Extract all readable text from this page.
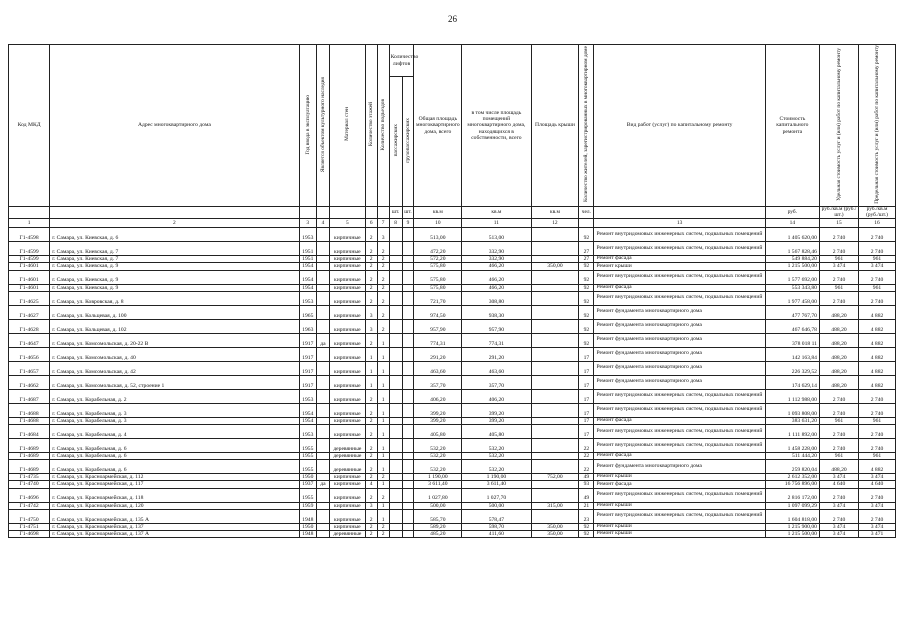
26
Код МКД	Адрес многоквартирного дома	Год ввода в эксплуатацию	Является объектом культурного наследия	Материал стен	Количество этажей	Количество подъездов	Количество лифтов		Общая площадь многоквартирного дома, всего	в том числе площадь помещений многоквартирного дома, находящихся в собственности, всего	Площадь крыши	Количество жителей, зарегистрированных в многоквартирном доме	Вид работ (услуг) по капитальному ремонту	Стоимость капитального ремонта	Удельная стоимость услуг и (или) работ по капитальному ремонту	Предельная стоимость услуг и (или) работ по капитальному ремонту
							пассажирских	грузопассажирских								
							шт.	шт.	кв.м	кв.м	кв.м	чел.		руб.	руб./кв.м (руб./шт.)	руб./кв.м (руб./шт.)
1	2	3	4	5	6	7	8	9	10	11	12		13	14	15	16
Г1-4598	г. Самара, ул. Киевская, д. 6	1953		кирпичные	2	3			513,00	513,00		92	Ремонт внутридомовых инженерных систем, подвальных помещений	1 405 620,00	2 740	2 740
Г1-4599	г. Самара, ул. Киевская, д. 7	1951		кирпичные	2	2			472,20	332,90		27	Ремонт внутридомовых инженерных систем, подвальных помещений	1 567 828,46	2 740	2 740
Г1-4599	г. Самара, ул. Киевская, д. 7	1951		кирпичные	2	2			572,20	332,90		27	Ремонт фасада	549 884,20	961	961
Г1-4601	г. Самара, ул. Киевская, д. 9	1954		кирпичные	2	2			575,80	466,20	350,00	92	Ремонт крыши	1 215 500,00	3 474	3 474
Г1-4601	г. Самара, ул. Киевская, д. 9	1954		кирпичные	2	2			575,80	466,20		92	Ремонт внутридомовых инженерных систем, подвальных помещений	1 577 692,00	2 740	2 740
Г1-4601	г. Самара, ул. Киевская, д. 9	1954		кирпичные	2	2			575,80	466,20		92	Ремонт фасада	553 343,80	961	961
Г1-4625	г. Самара, ул. Ковровская, д. 8	1953		кирпичные	2	2			721,70	308,80		92	Ремонт внутридомовых инженерных систем, подвальных помещений	1 977 458,00	2 740	2 740
Г1-4627	г. Самара, ул. Кольцевая, д. 100	1965		кирпичные	3	2			974,50	938,30		92	Ремонт фундамента многоквартирного дома	477 767,70	488,20	4 882
Г1-4628	г. Самара, ул. Кольцевая, д. 102	1963		кирпичные	3	2			957,90	957,90		92	Ремонт фундамента многоквартирного дома	467 646,78	488,20	4 882
Г1-4647	г. Самара, ул. Комсомольская, д. 20-22 В	1917	да	кирпичные	2	1			774,31	774,31		92	Ремонт фундамента многоквартирного дома	378 018 11	488,20	4 882
Г1-4656	г. Самара, ул. Комсомольская, д. 40	1917		кирпичные	1	1			291,20	291,20		17	Ремонт фундамента многоквартирного дома	142 163,84	488,20	4 882
Г1-4657	г. Самара, ул. Комсомольская, д. 42	1917		кирпичные	1	1			463,60	463,60		17	Ремонт фундамента многоквартирного дома	226 329,52	488,20	4 882
Г1-4662	г. Самара, ул. Комсомольская, д. 52, строение 1	1917		кирпичные	1	1			357,70	357,70		17	Ремонт фундамента многоквартирного дома	174 629,14	488,20	4 882
Г1-4687	г. Самара, ул. Корабельная, д. 2	1953		кирпичные	2	1			406,20	406,20		17	Ремонт внутридомовых инженерных систем, подвальных помещений	1 112 988,00	2 740	2 740
Г1-4688	г. Самара, ул. Корабельная, д. 3	1954		кирпичные	2	1			399,20	399,20		17	Ремонт внутридомовых инженерных систем, подвальных помещений	1 093 808,00	2 740	2 740
Г1-4688	г. Самара, ул. Корабельная, д. 3	1954		кирпичные	2	1			399,20	399,20		17	Ремонт фасада	383 631,20	961	961
Г1-4684	г. Самара, ул. Корабельная, д. 4	1953		кирпичные	2	1			405,80	405,80		17	Ремонт внутридомовых инженерных систем, подвальных помещений	1 111 892,00	2 740	2 740
Г1-4689	г. Самара, ул. Корабельная, д. 6	1955		деревянные	2	1			532,20	532,20		22	Ремонт внутридомовых инженерных систем, подвальных помещений	1 458 228,00	2 740	2 740
Г1-4689	г. Самара, ул. Корабельная, д. 6	1955		деревянные	2	1			532,20	532,20		22	Ремонт фасада	511 444,20	961	961
Г1-4689	г. Самара, ул. Корабельная, д. 6	1955		деревянные	2	1			532,20	532,20		22	Ремонт фундамента многоквартирного дома	259 820,04	488,20	4 882
Г1-4735	г. Самара, ул. Красноармейская, д. 112	1950		кирпичные	2	2			1 190,00	1 190,00	752,00	49	Ремонт крыши	2 612 352,00	3 474	3 474
Г1-4740	г. Самара, ул. Красноармейская, д. 117	1937	да	кирпичные	4	1			3 611,40	3 611,40		93	Ремонт фасада	16 756 896,00	4 640	4 640
Г1-4696	г. Самара, ул. Красноармейская, д. 118	1955		кирпичные	2	2			1 027,80	1 027,70		49	Ремонт внутридомовых инженерных систем, подвальных помещений	2 816 172,00	2 740	2 740
Г1-4742	г. Самара, ул. Красноармейская, д. 120	1959		кирпичные	3	1			500,00	500,00	315,00	21	Ремонт крыши	1 097 099,29	3 474	3 474
Г1-4750	г. Самара, ул. Красноармейская, д. 135 А	1948		кирпичные	2	1			585,70	578,47		23	Ремонт внутридомовых инженерных систем, подвальных помещений	1 604 818,00	2 740	2 740
Г1-4751	г. Самара, ул. Красноармейская, д. 137	1950		кирпичные	2	2			589,20	598,70	350,00	92	Ремонт крыши	1 215 900,00	3 474	3 474
Г1-4698	г. Самара, ул. Красноармейская, д. 137 А	1948		деревянные	2	2			485,20	411,60	350,00	92	Ремонт крыши	1 215 500,00	3 474	3 471
